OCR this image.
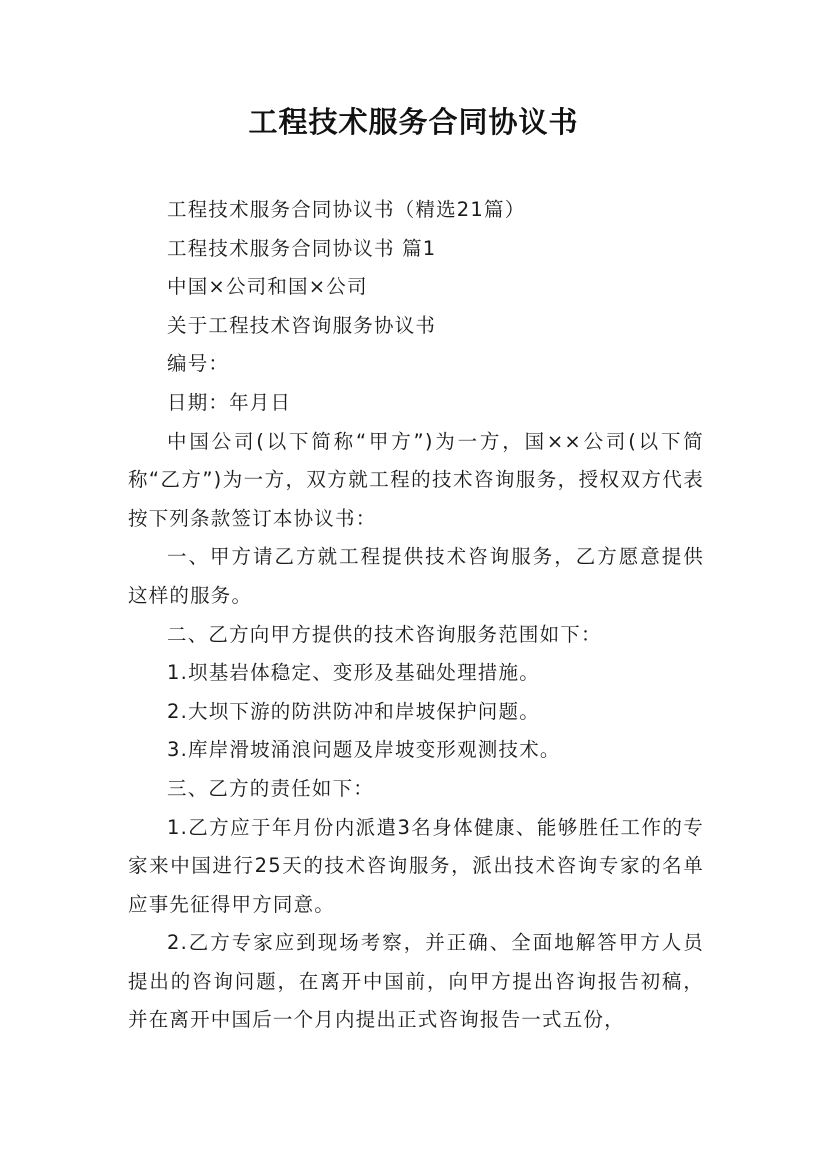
工程技术服务合同协议书

工程技术服务合同协议书（精选21篇）

工程技术服务合同协议书 篇1

中国×公司和国×公司

关于工程技术咨询服务协议书

编号：

日期：年月日

中国公司(以下简称“甲方”)为一方，国××公司(以下简称“乙方”)为一方，双方就工程的技术咨询服务，授权双方代表按下列条款签订本协议书：

一、甲方请乙方就工程提供技术咨询服务，乙方愿意提供这样的服务。

二、乙方向甲方提供的技术咨询服务范围如下：

1.坝基岩体稳定、变形及基础处理措施。

2.大坝下游的防洪防冲和岸坡保护问题。

3.库岸滑坡涌浪问题及岸坡变形观测技术。

三、乙方的责任如下：

1.乙方应于年月份内派遣3名身体健康、能够胜任工作的专家来中国进行25天的技术咨询服务，派出技术咨询专家的名单应事先征得甲方同意。

2.乙方专家应到现场考察，并正确、全面地解答甲方人员提出的咨询问题，在离开中国前，向甲方提出咨询报告初稿，并在离开中国后一个月内提出正式咨询报告一式五份，
